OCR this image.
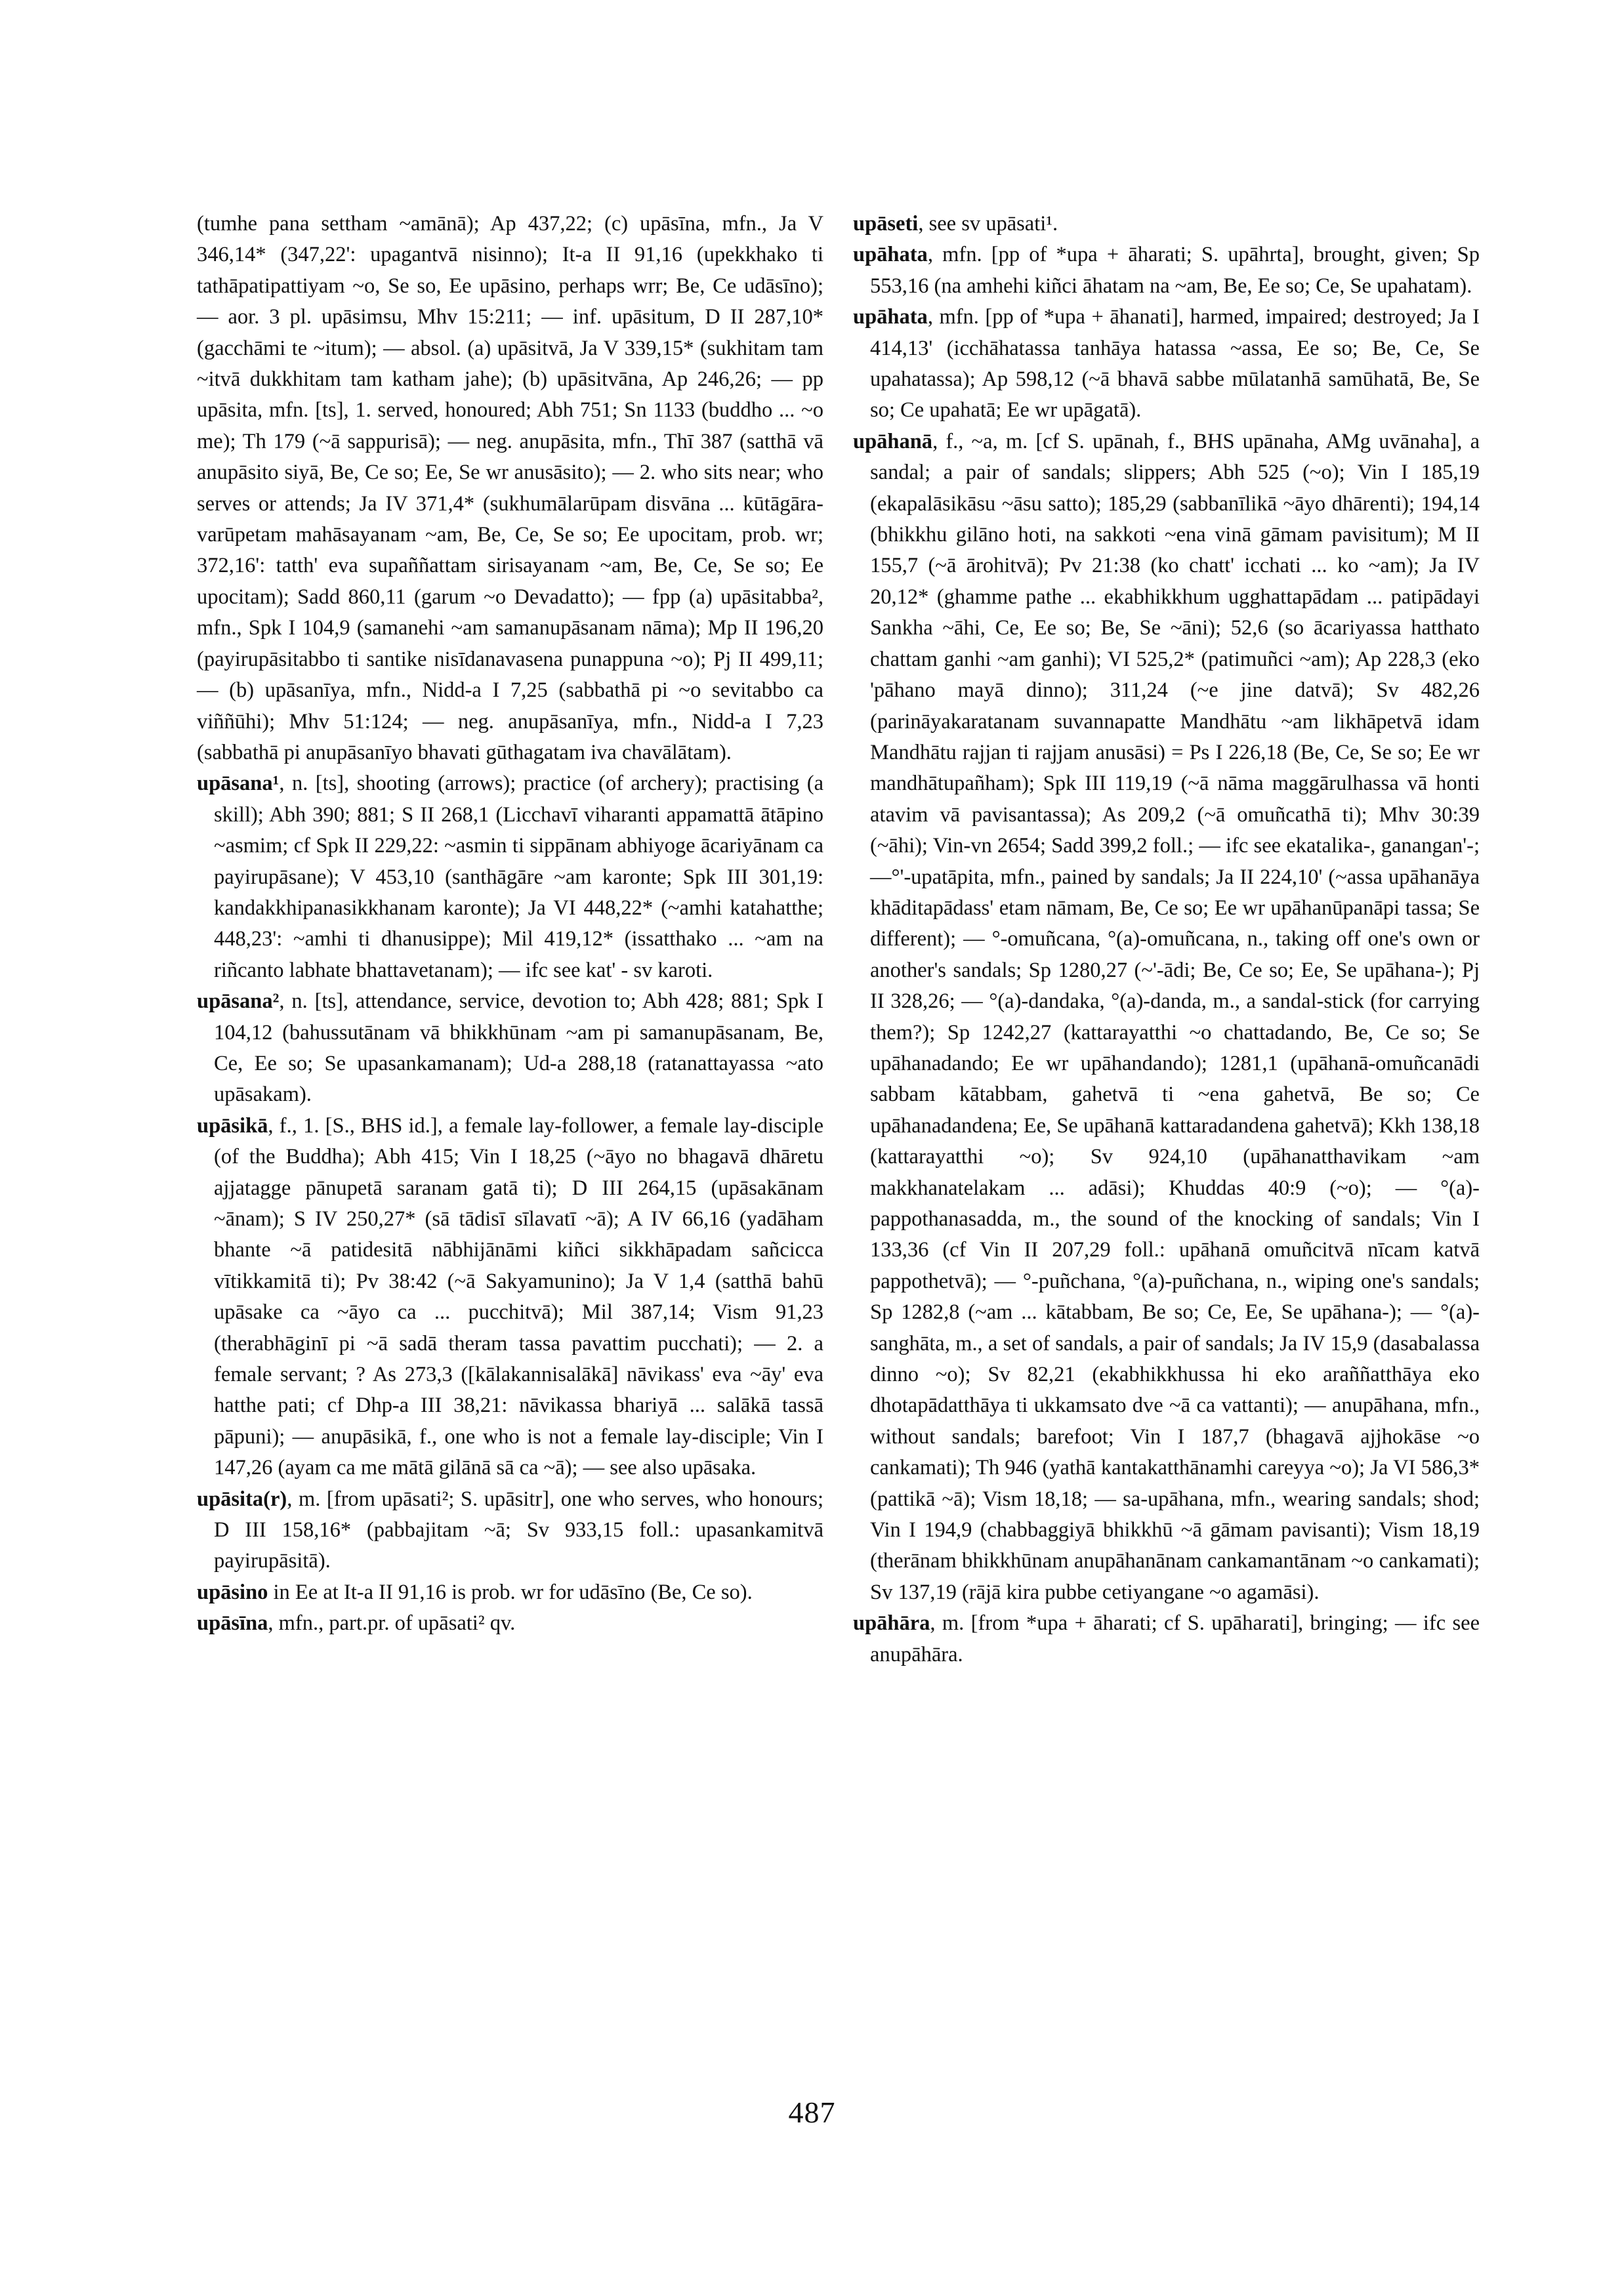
(tumhe pana settham ~amānā); Ap 437,22; (c) upāsīna, mfn., Ja V 346,14* (347,22': upagantvā nisinno); It-a II 91,16 (upekkhako ti tathāpatipattiyam ~o, Se so, Ee upāsino, perhaps wrr; Be, Ce udāsīno); — aor. 3 pl. upāsimsu, Mhv 15:211; — inf. upāsitum, D II 287,10* (gacchāmi te ~itum); — absol. (a) upāsitvā, Ja V 339,15* (sukhitam tam ~itvā dukkhitam tam katham jahe); (b) upāsitvāna, Ap 246,26; — pp upāsita, mfn. [ts], 1. served, honoured; Abh 751; Sn 1133 (buddho ... ~o me); Th 179 (~ā sappurisā); — neg. anupāsita, mfn., Thī 387 (satthā vā anupāsito siyā, Be, Ce so; Ee, Se wr anusāsito); — 2. who sits near; who serves or attends; Ja IV 371,4* (sukhumālarūpam disvāna ... kūtāgāra-varūpetam mahāsayanam ~am, Be, Ce, Se so; Ee upocitam, prob. wr; 372,16': tatth' eva supaññattam sirisayanam ~am, Be, Ce, Se so; Ee upocitam); Sadd 860,11 (garum ~o Devadatto); — fpp (a) upāsitabba², mfn., Spk I 104,9 (samanehi ~am samanupāsanam nāma); Mp II 196,20 (payirupāsitabbo ti santike nisīdanavasena punappuna ~o); Pj II 499,11; — (b) upāsanīya, mfn., Nidd-a I 7,25 (sabbathā pi ~o sevitabbo ca viññūhi); Mhv 51:124; — neg. anupāsanīya, mfn., Nidd-a I 7,23 (sabbathā pi anupāsanīyo bhavati gūthagatam iva chavālātam).

upāsana¹, n. [ts], shooting (arrows); practice (of archery); practising (a skill); Abh 390; 881; S II 268,1 (Licchavī viharanti appamattā ātāpino ~asmim; cf Spk II 229,22: ~asmin ti sippānam abhiyoge ācariyānam ca payirupāsane); V 453,10 (santhāgāre ~am karonte; Spk III 301,19: kandakkhipanasikkhanam karonte); Ja VI 448,22* (~amhi katahatthe; 448,23': ~amhi ti dhanusippe); Mil 419,12* (issatthako ... ~am na riñcanto labhate bhattavetanam); — ifc see kat' - sv karoti.

upāsana², n. [ts], attendance, service, devotion to; Abh 428; 881; Spk I 104,12 (bahussutānam vā bhikkhūnam ~am pi samanupāsanam, Be, Ce, Ee so; Se upasankamanam); Ud-a 288,18 (ratanattayassa ~ato upāsakam).

upāsikā, f., 1. [S., BHS id.], a female lay-follower, a female lay-disciple (of the Buddha); Abh 415; Vin I 18,25 (~āyo no bhagavā dhāretu ajjatagge pānupetā saranam gatā ti); D III 264,15 (upāsakānam ~ānam); S IV 250,27* (sā tādisī sīlavatī ~ā); A IV 66,16 (yadāham bhante ~ā patidesitā nābhijānāmi kiñci sikkhāpadam sañcicca vītikkamitā ti); Pv 38:42 (~ā Sakyamunino); Ja V 1,4 (satthā bahū upāsake ca ~āyo ca ... pucchitvā); Mil 387,14; Vism 91,23 (therabhāginī pi ~ā sadā theram tassa pavattim pucchati); — 2. a female servant; ? As 273,3 ([kālakannisalākā] nāvikass' eva ~āy' eva hatthe pati; cf Dhp-a III 38,21: nāvikassa bhariyā ... salākā tassā pāpuni); — anupāsikā, f., one who is not a female lay-disciple; Vin I 147,26 (ayam ca me mātā gilānā sā ca ~ā); — see also upāsaka.

upāsita(r), m. [from upāsati²; S. upāsitr], one who serves, who honours; D III 158,16* (pabbajitam ~ā; Sv 933,15 foll.: upasankamitvā payirupāsitā).

upāsino in Ee at It-a II 91,16 is prob. wr for udāsīno (Be, Ce so).

upāsīna, mfn., part.pr. of upāsati² qv.

upāseti, see sv upāsati¹.

upāhata, mfn. [pp of *upa + āharati; S. upāhrta], brought, given; Sp 553,16 (na amhehi kiñci āhatam na ~am, Be, Ee so; Ce, Se upahatam).

upāhata, mfn. [pp of *upa + āhanati], harmed, impaired; destroyed; Ja I 414,13' (icchāhatassa tanhāya hatassa ~assa, Ee so; Be, Ce, Se upahatassa); Ap 598,12 (~ā bhavā sabbe mūlatanhā samūhatā, Be, Se so; Ce upahatā; Ee wr upāgatā).

upāhanā, f., ~a, m. [cf S. upānah, f., BHS upānaha, AMg uvānaha], a sandal; a pair of sandals; slippers; Abh 525 (~o); Vin I 185,19 (ekapalāsikāsu ~āsu satto); 185,29 (sabbanīlikā ~āyo dhārenti); 194,14 (bhikkhu gilāno hoti, na sakkoti ~ena vinā gāmam pavisitum); M II 155,7 (~ā ārohitvā); Pv 21:38 (ko chatt' icchati ... ko ~am); Ja IV 20,12* (ghamme pathe ... ekabhikkhum ugghattapādam ... patipādayi Sankha ~āhi, Ce, Ee so; Be, Se ~āni); 52,6 (so ācariyassa hatthato chattam ganhi ~am ganhi); VI 525,2* (patimuñci ~am); Ap 228,3 (eko 'pāhano mayā dinno); 311,24 (~e jine datvā); Sv 482,26 (parināyakaratanam suvannapatte Mandhātu ~am likhāpetvā idam Mandhātu rajjan ti rajjam anusāsi) = Ps I 226,18 (Be, Ce, Se so; Ee wr mandhātupañham); Spk III 119,19 (~ā nāma maggārulhassa vā honti atavim vā pavisantassa); As 209,2 (~ā omuñcathā ti); Mhv 30:39 (~āhi); Vin-vn 2654; Sadd 399,2 foll.; — ifc see ekatalika-, ganangan'-; —°'-upatāpita, mfn., pained by sandals; Ja II 224,10' (~assa upāhanāya khāditapādass' etam nāmam, Be, Ce so; Ee wr upāhanūpanāpi tassa; Se different); — °-omuñcana, °(a)-omuñcana, n., taking off one's own or another's sandals; Sp 1280,27 (~'-ādi; Be, Ce so; Ee, Se upāhana-); Pj II 328,26; — °(a)-dandaka, °(a)-danda, m., a sandal-stick (for carrying them?); Sp 1242,27 (kattarayatthi ~o chattadando, Be, Ce so; Se upāhanadando; Ee wr upāhandando); 1281,1 (upāhanā-omuñcanādi sabbam kātabbam, gahetvā ti ~ena gahetvā, Be so; Ce upāhanadandena; Ee, Se upāhanā kattaradandena gahetvā); Kkh 138,18 (kattarayatthi ~o); Sv 924,10 (upāhanatthavikam ~am makkhanatelakam ... adāsi); Khuddas 40:9 (~o); — °(a)-pappothanasadda, m., the sound of the knocking of sandals; Vin I 133,36 (cf Vin II 207,29 foll.: upāhanā omuñcitvā nīcam katvā pappothetvā); — °-puñchana, °(a)-puñchana, n., wiping one's sandals; Sp 1282,8 (~am ... kātabbam, Be so; Ce, Ee, Se upāhana-); — °(a)-sanghāta, m., a set of sandals, a pair of sandals; Ja IV 15,9 (dasabalassa dinno ~o); Sv 82,21 (ekabhikkhussa hi eko araññatthāya eko dhotapādatthāya ti ukkamsato dve ~ā ca vattanti); — anupāhana, mfn., without sandals; barefoot; Vin I 187,7 (bhagavā ajjhokāse ~o cankamati); Th 946 (yathā kantakatthānamhi careyya ~o); Ja VI 586,3* (pattikā ~ā); Vism 18,18; — sa-upāhana, mfn., wearing sandals; shod; Vin I 194,9 (chabbaggiyā bhikkhū ~ā gāmam pavisanti); Vism 18,19 (therānam bhikkhūnam anupāhanānam cankamantānam ~o cankamati); Sv 137,19 (rājā kira pubbe cetiyangane ~o agamāsi).

upāhāra, m. [from *upa + āharati; cf S. upāharati], bringing; — ifc see anupāhāra.

487
